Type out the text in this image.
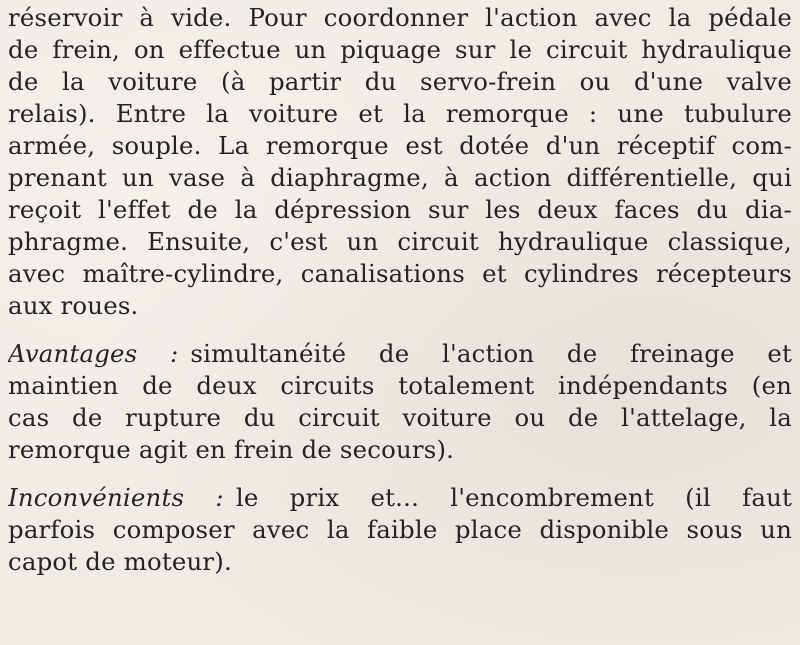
réservoir à vide. Pour coordonner l'action avec la pédale
de frein, on effectue un piquage sur le circuit hydraulique
de la voiture (à partir du servo-frein ou d'une valve
relais). Entre la voiture et la remorque : une tubulure
armée, souple. La remorque est dotée d'un réceptif com-
prenant un vase à diaphragme, à action différentielle, qui
reçoit l'effet de la dépression sur les deux faces du dia-
phragme. Ensuite, c'est un circuit hydraulique classique,
avec maître-cylindre, canalisations et cylindres récepteurs
aux roues.
Avantages : simultanéité de l'action de freinage et
maintien de deux circuits totalement indépendants (en
cas de rupture du circuit voiture ou de l'attelage, la
remorque agit en frein de secours).
Inconvénients : le prix et... l'encombrement (il faut
parfois composer avec la faible place disponible sous un
capot de moteur).
